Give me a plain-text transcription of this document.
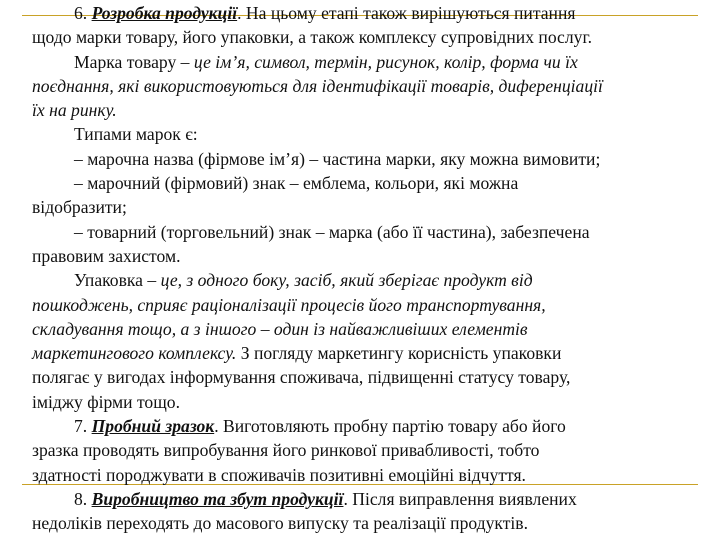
6. Розробка продукції. На цьому етапі також вирішуються питання
щодо марки товару, його упаковки, а також комплексу супровідних послуг.
Марка товару – це ім’я, символ, термін, рисунок, колір, форма чи їх
поєднання, які використовуються для ідентифікації товарів, диференціації
їх на ринку.
Типами марок є:
– марочна назва (фірмове ім’я) – частина марки, яку можна вимовити;
– марочний (фірмовий) знак – емблема, кольори, які можна
відобразити;
– товарний (торговельний) знак – марка (або її частина), забезпечена
правовим захистом.
Упаковка – це, з одного боку, засіб, який зберігає продукт від
пошкоджень, сприяє раціоналізації процесів його транспортування,
складування тощо, а з іншого – один із найважливіших елементів
маркетингового комплексу. З погляду маркетингу корисність упаковки
полягає у вигодах інформування споживача, підвищенні статусу товару,
іміджу фірми тощо.
7. Пробний зразок. Виготовляють пробну партію товару або його
зразка проводять випробування його ринкової привабливості, тобто
здатності породжувати в споживачів позитивні емоційні відчуття.
8. Виробництво та збут продукції. Після виправлення виявлених
недоліків переходять до масового випуску та реалізації продуктів.
